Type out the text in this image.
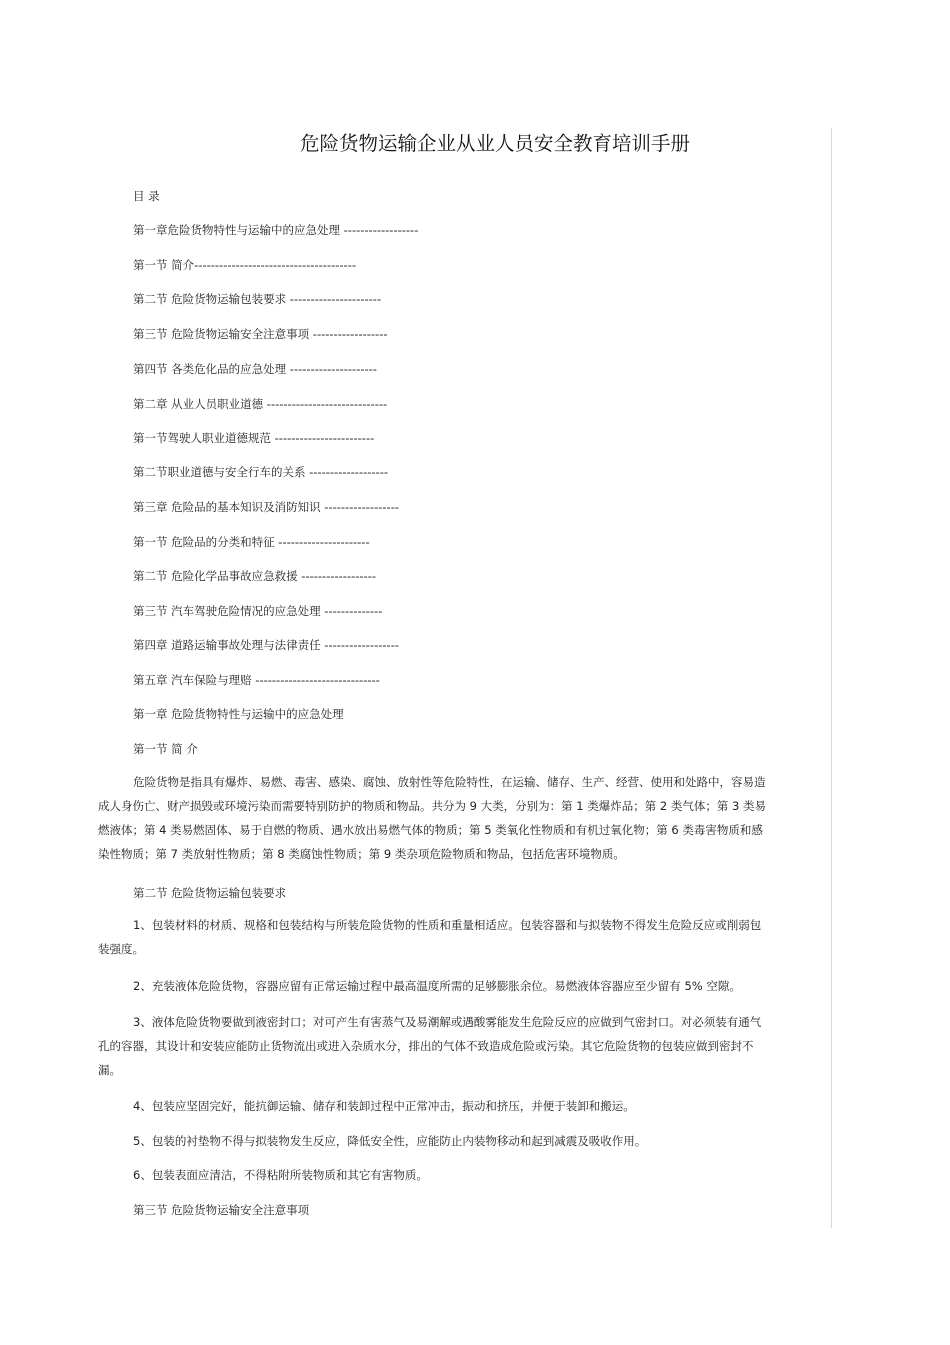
危险货物运输企业从业人员安全教育培训手册
目 录
第一章危险货物特性与运输中的应急处理 ------------------
第一节 简介---------------------------------------
第二节 危险货物运输包装要求 ----------------------
第三节 危险货物运输安全注意事项 ------------------
第四节 各类危化品的应急处理 ---------------------
第二章 从业人员职业道德 -----------------------------
第一节驾驶人职业道德规范 ------------------------
第二节职业道德与安全行车的关系 -------------------
第三章 危险品的基本知识及消防知识 ------------------
第一节 危险品的分类和特征 ----------------------
第二节 危险化学品事故应急救援 ------------------
第三节 汽车驾驶危险情况的应急处理 --------------
第四章 道路运输事故处理与法律责任 ------------------
第五章 汽车保险与理赔 ------------------------------
第一章 危险货物特性与运输中的应急处理
第一节 简 介
危险货物是指具有爆炸、易燃、毒害、感染、腐蚀、放射性等危险特性，在运输、储存、生产、经营、使用和处路中，容易造
成人身伤亡、财产损毁或环境污染而需要特别防护的物质和物品。共分为 9 大类，分别为：第 1 类爆炸品；第 2 类气体；第 3 类易
燃液体；第 4 类易燃固体、易于自燃的物质、遇水放出易燃气体的物质；第 5 类氧化性物质和有机过氧化物；第 6 类毒害物质和感
染性物质；第 7 类放射性物质；第 8 类腐蚀性物质；第 9 类杂项危险物质和物品，包括危害环境物质。
第二节 危险货物运输包装要求
1、包装材料的材质、规格和包装结构与所装危险货物的性质和重量相适应。包装容器和与拟装物不得发生危险反应或削弱包
装强度。
2、充装液体危险货物，容器应留有正常运输过程中最高温度所需的足够膨胀余位。易燃液体容器应至少留有 5% 空隙。
3、液体危险货物要做到液密封口；对可产生有害蒸气及易潮解或遇酸雾能发生危险反应的应做到气密封口。对必须装有通气
孔的容器，其设计和安装应能防止货物流出或进入杂质水分，排出的气体不致造成危险或污染。其它危险货物的包装应做到密封不
漏。
4、包装应坚固完好，能抗御运输、储存和装卸过程中正常冲击，振动和挤压，并便于装卸和搬运。
5、包装的衬垫物不得与拟装物发生反应，降低安全性，应能防止内装物移动和起到减震及吸收作用。
6、包装表面应清洁，不得粘附所装物质和其它有害物质。
第三节 危险货物运输安全注意事项
